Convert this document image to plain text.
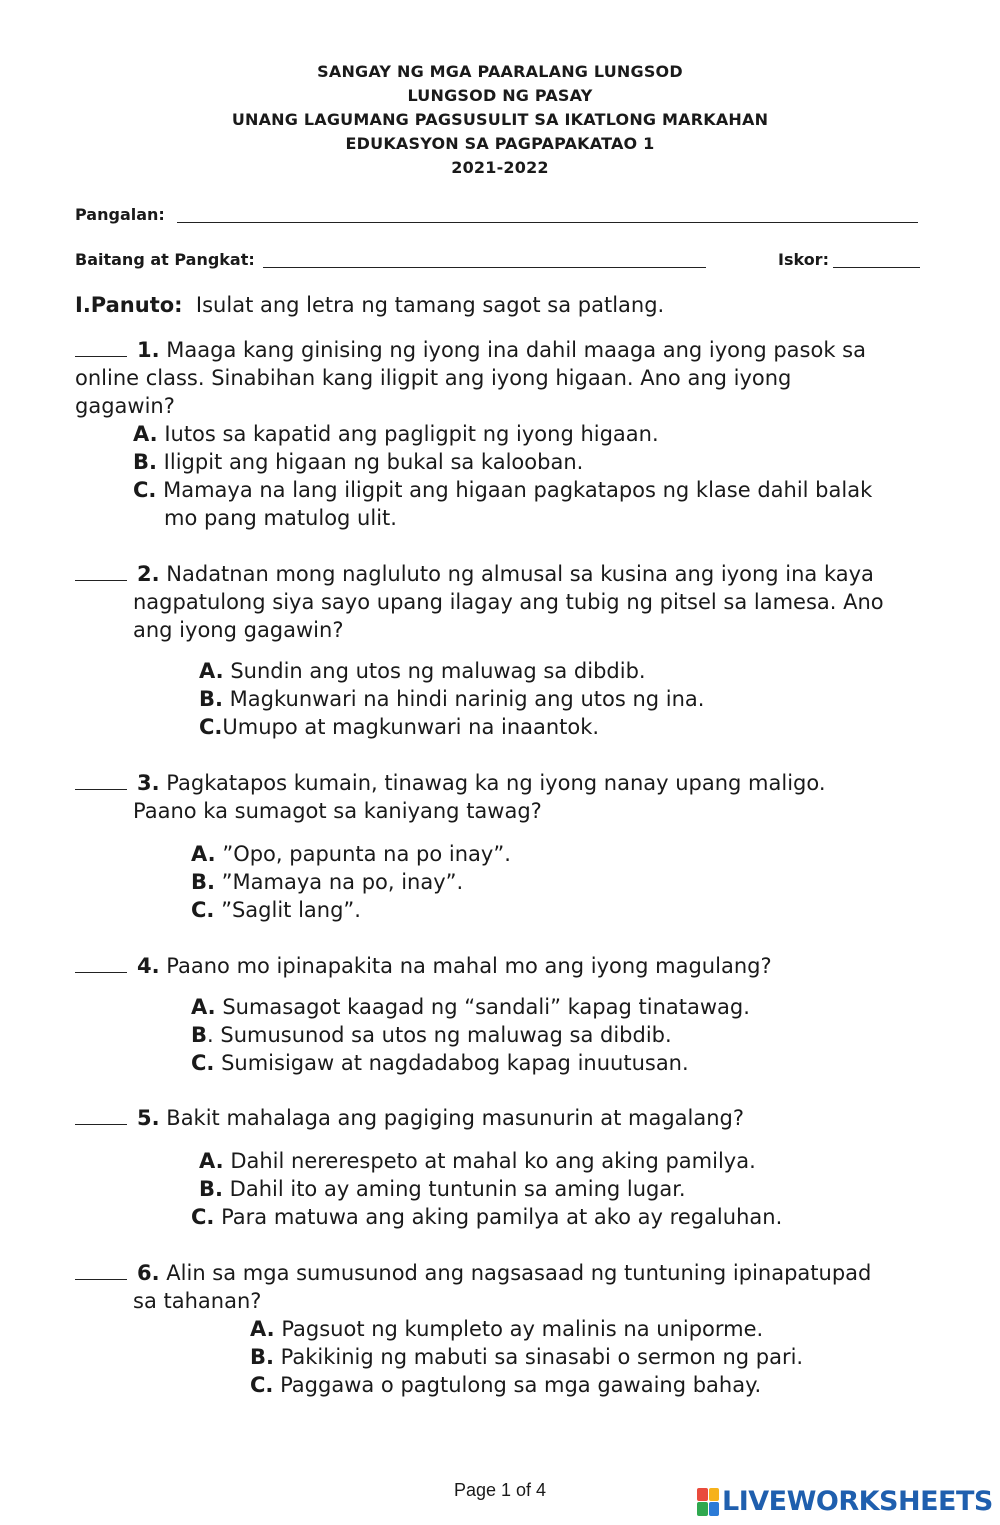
SANGAY NG MGA PAARALANG LUNGSOD
LUNGSOD NG PASAY
UNANG LAGUMANG PAGSUSULIT SA IKATLONG MARKAHAN
EDUKASYON SA PAGPAPAKATAO 1
2021-2022
Pangalan:
Baitang at Pangkat:	Iskor:
I.Panuto: Isulat ang letra ng tamang sagot sa patlang.
1. Maaga kang ginising ng iyong ina dahil maaga ang iyong pasok sa
online class. Sinabihan kang iligpit ang iyong higaan. Ano ang iyong
gagawin?
A. Iutos sa kapatid ang pagligpit ng iyong higaan.
B. Iligpit ang higaan ng bukal sa kalooban.
C. Mamaya na lang iligpit ang higaan pagkatapos ng klase dahil balak
mo pang matulog ulit.
2. Nadatnan mong nagluluto ng almusal sa kusina ang iyong ina kaya
nagpatulong siya sayo upang ilagay ang tubig ng pitsel sa lamesa. Ano
ang iyong gagawin?
A. Sundin ang utos ng maluwag sa dibdib.
B. Magkunwari na hindi narinig ang utos ng ina.
C.Umupo at magkunwari na inaantok.
3. Pagkatapos kumain, tinawag ka ng iyong nanay upang maligo.
Paano ka sumagot sa kaniyang tawag?
A. ”Opo, papunta na po inay”.
B. ”Mamaya na po, inay”.
C. ”Saglit lang”.
4. Paano mo ipinapakita na mahal mo ang iyong magulang?
A. Sumasagot kaagad ng “sandali” kapag tinatawag.
B. Sumusunod sa utos ng maluwag sa dibdib.
C. Sumisigaw at nagdadabog kapag inuutusan.
5. Bakit mahalaga ang pagiging masunurin at magalang?
A. Dahil nererespeto at mahal ko ang aking pamilya.
B. Dahil ito ay aming tuntunin sa aming lugar.
C. Para matuwa ang aking pamilya at ako ay regaluhan.
6. Alin sa mga sumusunod ang nagsasaad ng tuntuning ipinapatupad
sa tahanan?
A. Pagsuot ng kumpleto ay malinis na uniporme.
B. Pakikinig ng mabuti sa sinasabi o sermon ng pari.
C. Paggawa o pagtulong sa mga gawaing bahay.
Page 1 of 4	LIVEWORKSHEETS
